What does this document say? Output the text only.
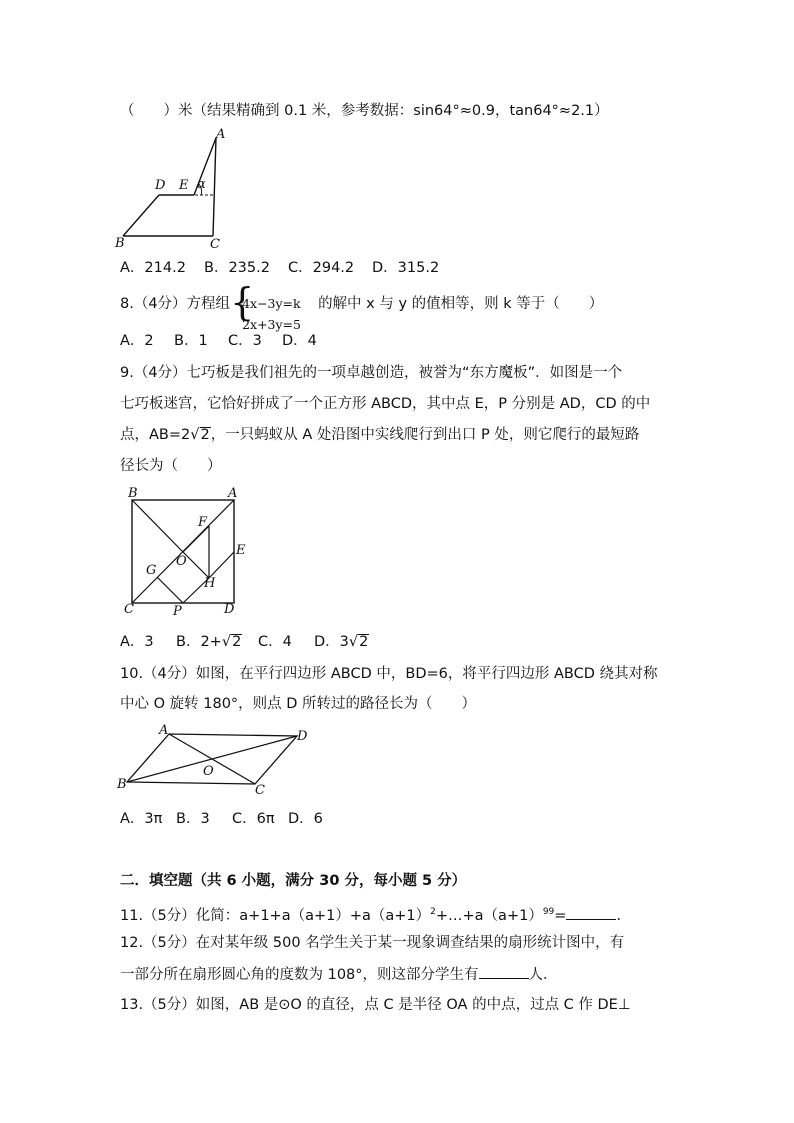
（　　）米（结果精确到 0.1 米，参考数据：sin64°≈0.9，tan64°≈2.1）
A
B	C
D E α
A．214.2 B．235.2 C．294.2 D．315.2
8.（4分）方程组 {
4x−3y=k
2x+3y=5
的解中 x 与 y 的值相等，则 k 等于（　　）
A．2 B．1 C．3 D．4
9.（4分）七巧板是我们祖先的一项卓越创造，被誉为“东方魔板”．如图是一个
七巧板迷宫，它恰好拼成了一个正方形 ABCD，其中点 E，P 分别是 AD，CD 的中
点，AB=2√2，一只蚂蚁从 A 处沿图中实线爬行到出口 P 处，则它爬行的最短路
径长为（　　）
B	A
C	D
E
F
G
H
O
P
A．3 B．2+√2 C．4 D．3√2
10.（4分）如图，在平行四边形 ABCD 中，BD=6，将平行四边形 ABCD 绕其对称
中心 O 旋转 180°，则点 D 所转过的路径长为（　　）
A
B	C
D
O
A．3π B．3 C．6π D．6
二．填空题（共 6 小题，满分 30 分，每小题 5 分）
11.（5分）化简：$a+1+a(a+1)+a(a+1)^2+\dots+a(a+1)^{99}=$	．
12.（5分）在对某年级 500 名学生关于某一现象调查结果的扇形统计图中，有
一部分所在扇形圆心角的度数为 108°，则这部分学生有	人．
13.（5分）如图，AB 是⊙O 的直径，点 C 是半径 OA 的中点，过点 C 作 DE⊥
